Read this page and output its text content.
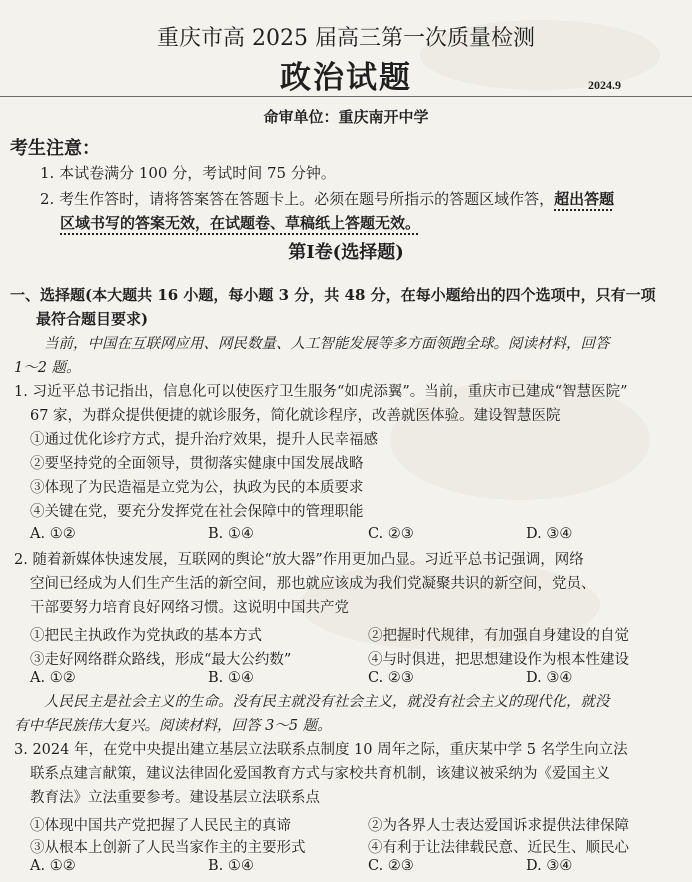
重庆市高 2025 届高三第一次质量检测
政治试题	2024.9
命审单位：重庆南开中学
考生注意：
1. 本试卷满分 100 分，考试时间 75 分钟。
2. 考生作答时，请将答案答在答题卡上。必须在题号所指示的答题区域作答，超出答题
区域书写的答案无效，在试题卷、草稿纸上答题无效。
第Ⅰ卷(选择题)
一、选择题(本大题共 16 小题，每小题 3 分，共 48 分，在每小题给出的四个选项中，只有一项
最符合题目要求)
当前，中国在互联网应用、网民数量、人工智能发展等多方面领跑全球。阅读材料，回答
1～2 题。
1. 习近平总书记指出，信息化可以使医疗卫生服务“如虎添翼”。当前，重庆市已建成“智慧医院”
67 家，为群众提供便捷的就诊服务，简化就诊程序，改善就医体验。建设智慧医院
①通过优化诊疗方式，提升治疗效果，提升人民幸福感
②要坚持党的全面领导，贯彻落实健康中国发展战略
③体现了为民造福是立党为公，执政为民的本质要求
④关键在党，要充分发挥党在社会保障中的管理职能
A. ①②	B. ①④	C. ②③	D. ③④
2. 随着新媒体快速发展，互联网的舆论“放大器”作用更加凸显。习近平总书记强调，网络
空间已经成为人们生产生活的新空间，那也就应该成为我们党凝聚共识的新空间，党员、
干部要努力培育良好网络习惯。这说明中国共产党
①把民主执政作为党执政的基本方式	②把握时代规律，有加强自身建设的自觉
③走好网络群众路线，形成“最大公约数”	④与时俱进，把思想建设作为根本性建设
A. ①②	B. ①④	C. ②③	D. ③④
人民民主是社会主义的生命。没有民主就没有社会主义，就没有社会主义的现代化，就没
有中华民族伟大复兴。阅读材料，回答 3～5 题。
3. 2024 年，在党中央提出建立基层立法联系点制度 10 周年之际，重庆某中学 5 名学生向立法
联系点建言献策，建议法律固化爱国教育方式与家校共育机制，该建议被采纳为《爱国主义
教育法》立法重要参考。建设基层立法联系点
①体现中国共产党把握了人民民主的真谛	②为各界人士表达爱国诉求提供法律保障
③从根本上创新了人民当家作主的主要形式	④有利于让法律载民意、近民生、顺民心
A. ①②	B. ①④	C. ②③	D. ③④
